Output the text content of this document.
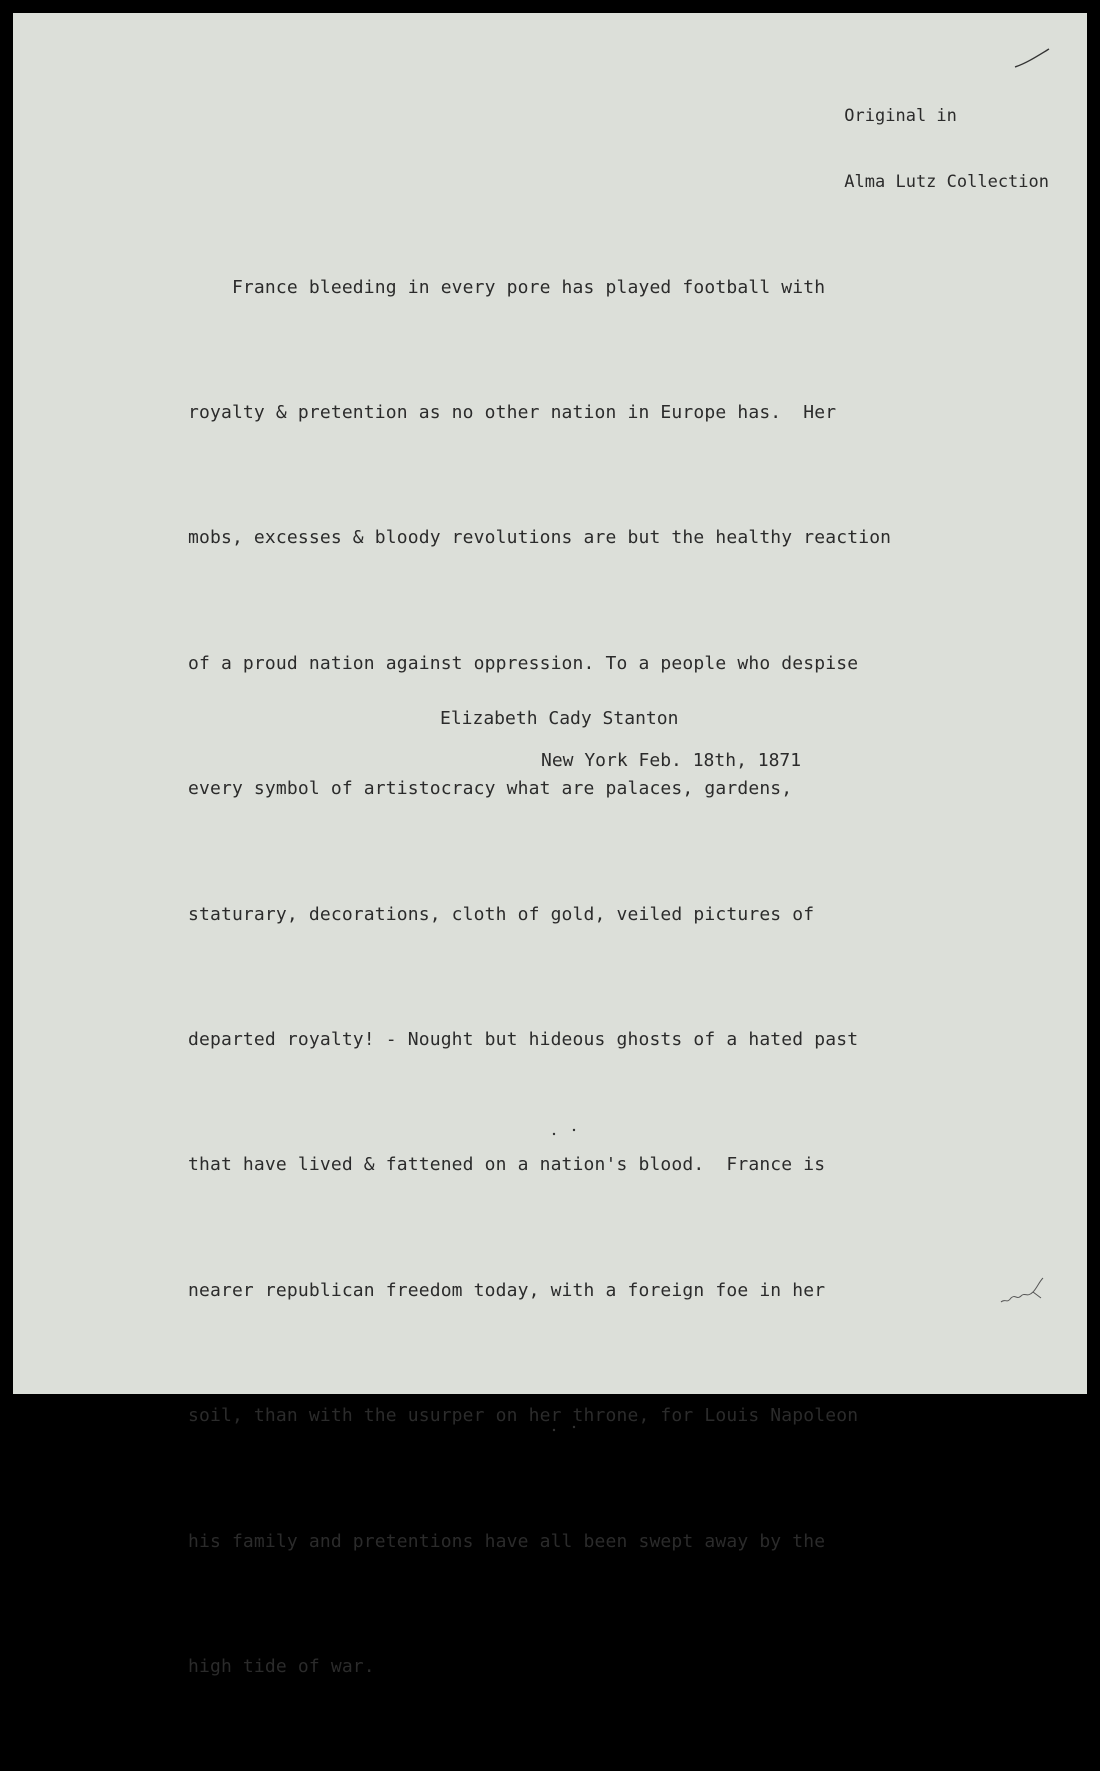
Original in

Alma Lutz Collection

France bleeding in every pore has played football with

royalty & pretention as no other nation in Europe has.  Her

mobs, excesses & bloody revolutions are but the healthy reaction

of a proud nation against oppression. To a people who despise

every symbol of artistocracy what are palaces, gardens,

staturary, decorations, cloth of gold, veiled pictures of

departed royalty! - Nought but hideous ghosts of a hated past

that have lived & fattened on a nation's blood.  France is

nearer republican freedom today, with a foreign foe in her

soil, than with the usurper on her throne, for Louis Napoleon

his family and pretentions have all been swept away by the

high tide of war.

Elizabeth Cady Stanton
New York Feb. 18th, 1871
